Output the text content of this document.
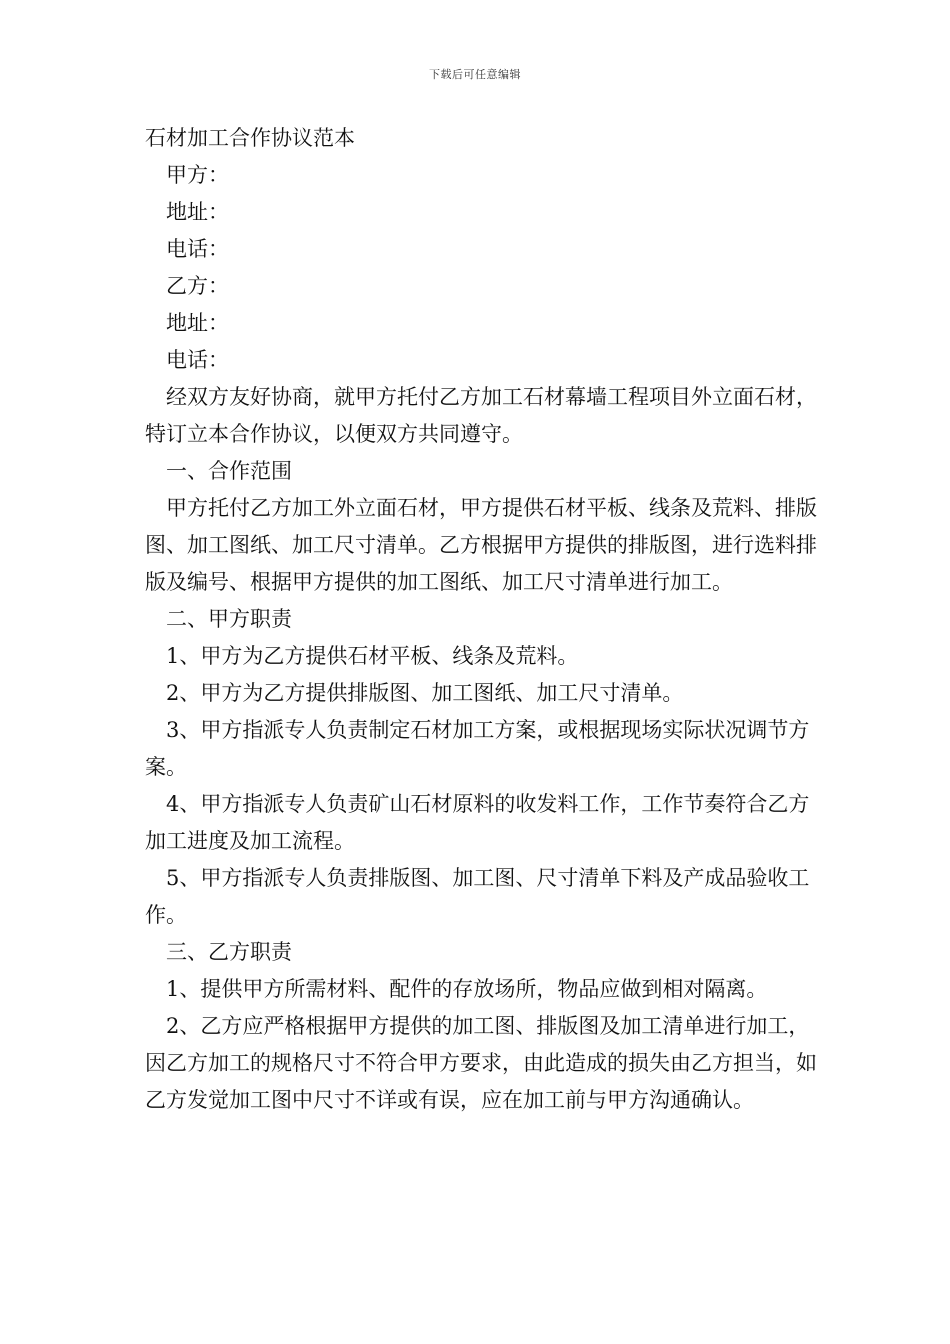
下载后可任意编辑

石材加工合作协议范本

甲方：

地址：

电话：

乙方：

地址：

电话：

经双方友好协商，就甲方托付乙方加工石材幕墙工程项目外立面石材，特订立本合作协议，以便双方共同遵守。

一、合作范围

甲方托付乙方加工外立面石材，甲方提供石材平板、线条及荒料、排版图、加工图纸、加工尺寸清单。乙方根据甲方提供的排版图，进行选料排版及编号、根据甲方提供的加工图纸、加工尺寸清单进行加工。

二、甲方职责

1、甲方为乙方提供石材平板、线条及荒料。

2、甲方为乙方提供排版图、加工图纸、加工尺寸清单。

3、甲方指派专人负责制定石材加工方案，或根据现场实际状况调节方案。

4、甲方指派专人负责矿山石材原料的收发料工作，工作节奏符合乙方加工进度及加工流程。

5、甲方指派专人负责排版图、加工图、尺寸清单下料及产成品验收工作。

三、乙方职责

1、提供甲方所需材料、配件的存放场所，物品应做到相对隔离。

2、乙方应严格根据甲方提供的加工图、排版图及加工清单进行加工，因乙方加工的规格尺寸不符合甲方要求，由此造成的损失由乙方担当，如乙方发觉加工图中尺寸不详或有误，应在加工前与甲方沟通确认。
